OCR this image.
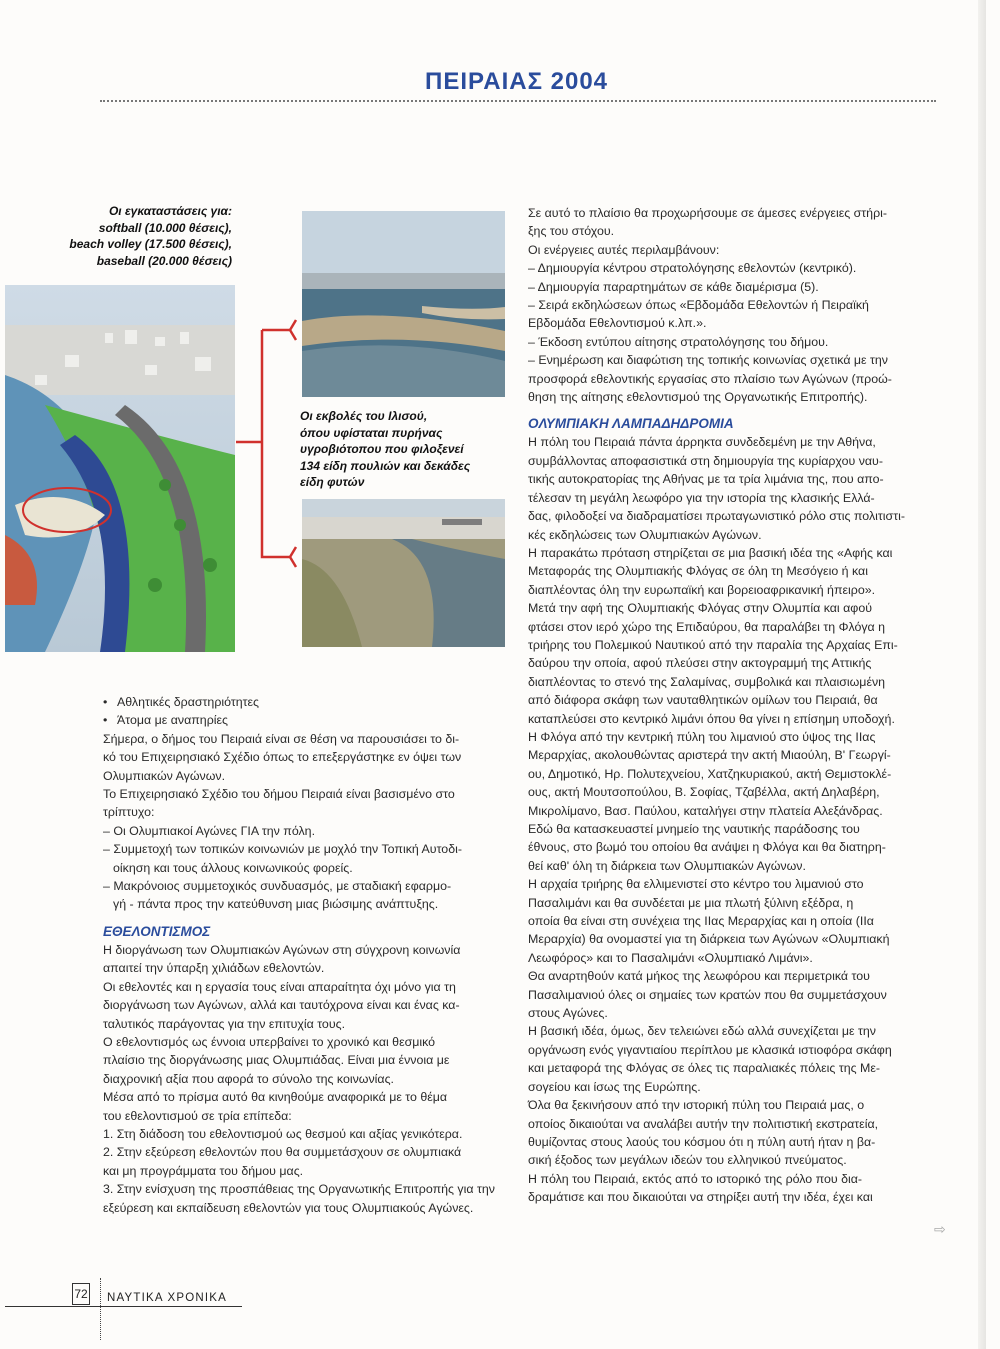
ΠΕΙΡΑΙΑΣ 2004
Οι εγκαταστάσεις για:
softball (10.000 θέσεις),
beach volley (17.500 θέσεις),
baseball (20.000 θέσεις)
Οι εκβολές του Ιλισού,
όπου υφίσταται πυρήνας
υγροβιότοπου που φιλοξενεί
134 είδη πουλιών και δεκάδες
είδη φυτών

• Αθλητικές δραστηριότητες

• Άτομα με αναπηρίες

Σήμερα, ο δήμος του Πειραιά είναι σε θέση να παρουσιάσει το δι-

κό του Επιχειρησιακό Σχέδιο όπως το επεξεργάστηκε εν όψει των

Ολυμπιακών Αγώνων.

Το Επιχειρησιακό Σχέδιο του δήμου Πειραιά είναι βασισμένο στο

τρίπτυχο:

– Οι Ολυμπιακοί Αγώνες ΓΙΑ την πόλη.

– Συμμετοχή των τοπικών κοινωνιών με μοχλό την Τοπική Αυτοδι-

οίκηση και τους άλλους κοινωνικούς φορείς.

– Μακρόνοιος συμμετοχικός συνδυασμός, με σταδιακή εφαρμο-

γή - πάντα προς την κατεύθυνση μιας βιώσιμης ανάπτυξης.

ΕΘΕΛΟΝΤΙΣΜΟΣ

Η διοργάνωση των Ολυμπιακών Αγώνων στη σύγχρονη κοινωνία

απαιτεί την ύπαρξη χιλιάδων εθελοντών.

Οι εθελοντές και η εργασία τους είναι απαραίτητα όχι μόνο για τη

διοργάνωση των Αγώνων, αλλά και ταυτόχρονα είναι και ένας κα-

ταλυτικός παράγοντας για την επιτυχία τους.

Ο εθελοντισμός ως έννοια υπερβαίνει το χρονικό και θεσμικό

πλαίσιο της διοργάνωσης μιας Ολυμπιάδας. Είναι μια έννοια με

διαχρονική αξία που αφορά το σύνολο της κοινωνίας.

Μέσα από το πρίσμα αυτό θα κινηθούμε αναφορικά με το θέμα

του εθελοντισμού σε τρία επίπεδα:

1. Στη διάδοση του εθελοντισμού ως θεσμού και αξίας γενικότερα.

2. Στην εξεύρεση εθελοντών που θα συμμετάσχουν σε ολυμπιακά

και μη προγράμματα του δήμου μας.

3. Στην ενίσχυση της προσπάθειας της Οργανωτικής Επιτροπής για την

εξεύρεση και εκπαίδευση εθελοντών για τους Ολυμπιακούς Αγώνες.

Σε αυτό το πλαίσιο θα προχωρήσουμε σε άμεσες ενέργειες στήρι-

ξης του στόχου.

Οι ενέργειες αυτές περιλαμβάνουν:

– Δημιουργία κέντρου στρατολόγησης εθελοντών (κεντρικό).

– Δημιουργία παραρτημάτων σε κάθε διαμέρισμα (5).

– Σειρά εκδηλώσεων όπως «Εβδομάδα Εθελοντών ή Πειραϊκή

Εβδομάδα Εθελοντισμού κ.λπ.».

– Έκδοση εντύπου αίτησης στρατολόγησης του δήμου.

– Ενημέρωση και διαφώτιση της τοπικής κοινωνίας σχετικά με την

προσφορά εθελοντικής εργασίας στο πλαίσιο των Αγώνων (προώ-

θηση της αίτησης εθελοντισμού της Οργανωτικής Επιτροπής).

ΟΛΥΜΠΙΑΚΗ ΛΑΜΠΑΔΗΔΡΟΜΙΑ

Η πόλη του Πειραιά πάντα άρρηκτα συνδεδεμένη με την Αθήνα,

συμβάλλοντας αποφασιστικά στη δημιουργία της κυρίαρχου ναυ-

τικής αυτοκρατορίας της Αθήνας με τα τρία λιμάνια της, που απο-

τέλεσαν τη μεγάλη λεωφόρο για την ιστορία της κλασικής Ελλά-

δας, φιλοδοξεί να διαδραματίσει πρωταγωνιστικό ρόλο στις πολιτιστι-

κές εκδηλώσεις των Ολυμπιακών Αγώνων.

Η παρακάτω πρόταση στηρίζεται σε μια βασική ιδέα της «Αφής και

Μεταφοράς της Ολυμπιακής Φλόγας σε όλη τη Μεσόγειο ή και

διαπλέοντας όλη την ευρωπαϊκή και βορειοαφρικανική ήπειρο».

Μετά την αφή της Ολυμπιακής Φλόγας στην Ολυμπία και αφού

φτάσει στον ιερό χώρο της Επιδαύρου, θα παραλάβει τη Φλόγα η

τριήρης του Πολεμικού Ναυτικού από την παραλία της Αρχαίας Επι-

δαύρου την οποία, αφού πλεύσει στην ακτογραμμή της Αττικής

διαπλέοντας το στενό της Σαλαμίνας, συμβολικά και πλαισιωμένη

από διάφορα σκάφη των ναυταθλητικών ομίλων του Πειραιά, θα

καταπλεύσει στο κεντρικό λιμάνι όπου θα γίνει η επίσημη υποδοχή.

Η Φλόγα από την κεντρική πύλη του λιμανιού στο ύψος της ΙΙας

Μεραρχίας, ακολουθώντας αριστερά την ακτή Μιαούλη, Β' Γεωργί-

ου, Δημοτικό, Ηρ. Πολυτεχνείου, Χατζηκυριακού, ακτή Θεμιστοκλέ-

ους, ακτή Μουτσοπούλου, Β. Σοφίας, Τζαβέλλα, ακτή Δηλαβέρη,

Μικρολίμανο, Βασ. Παύλου, καταλήγει στην πλατεία Αλεξάνδρας.

Εδώ θα κατασκευαστεί μνημείο της ναυτικής παράδοσης του

έθνους, στο βωμό του οποίου θα ανάψει η Φλόγα και θα διατηρη-

θεί καθ' όλη τη διάρκεια των Ολυμπιακών Αγώνων.

Η αρχαία τριήρης θα ελλιμενιστεί στο κέντρο του λιμανιού στο

Πασαλιμάνι και θα συνδέεται με μια πλωτή ξύλινη εξέδρα, η

οποία θα είναι στη συνέχεια της ΙΙας Μεραρχίας και η οποία (ΙΙα

Μεραρχία) θα ονομαστεί για τη διάρκεια των Αγώνων «Ολυμπιακή

Λεωφόρος» και το Πασαλιμάνι «Ολυμπιακό Λιμάνι».

Θα αναρτηθούν κατά μήκος της λεωφόρου και περιμετρικά του

Πασαλιμανιού όλες οι σημαίες των κρατών που θα συμμετάσχουν

στους Αγώνες.

Η βασική ιδέα, όμως, δεν τελειώνει εδώ αλλά συνεχίζεται με την

οργάνωση ενός γιγαντιαίου περίπλου με κλασικά ιστιοφόρα σκάφη

και μεταφορά της Φλόγας σε όλες τις παραλιακές πόλεις της Με-

σογείου και ίσως της Ευρώπης.

Όλα θα ξεκινήσουν από την ιστορική πύλη του Πειραιά μας, ο

οποίος δικαιούται να αναλάβει αυτήν την πολιτιστική εκστρατεία,

θυμίζοντας στους λαούς του κόσμου ότι η πύλη αυτή ήταν η βα-

σική έξοδος των μεγάλων ιδεών του ελληνικού πνεύματος.

Η πόλη του Πειραιά, εκτός από το ιστορικό της ρόλο που δια-

δραμάτισε και που δικαιούται να στηρίξει αυτή την ιδέα, έχει και

⇨
72 ΝΑΥΤΙΚΑ ΧΡΟΝΙΚΑ
